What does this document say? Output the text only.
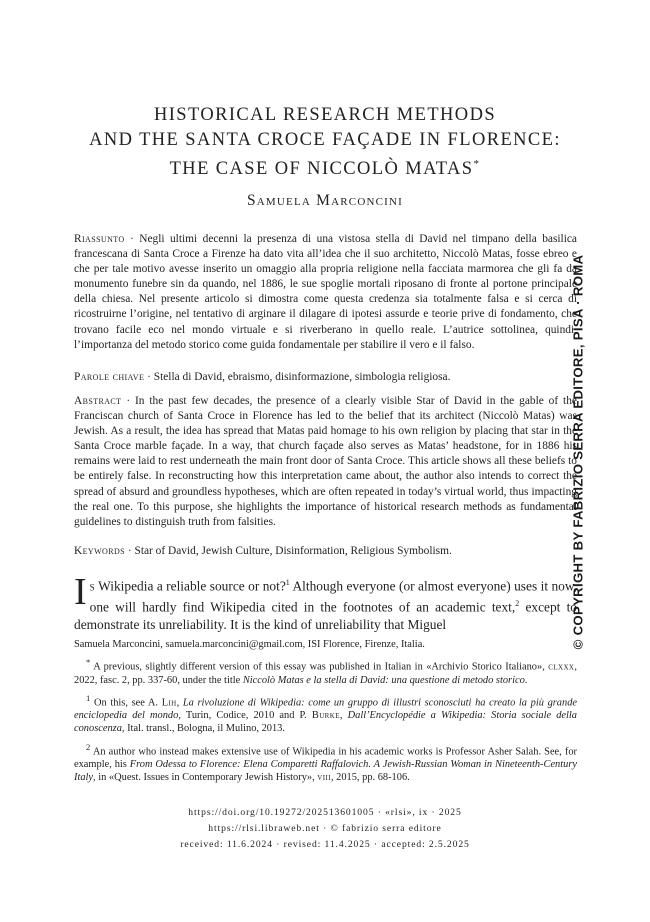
HISTORICAL RESEARCH METHODS
AND THE SANTA CROCE FAÇADE IN FLORENCE:
THE CASE OF NICCOLÒ MATAS*
Samuela Marconcini
Riassunto · Negli ultimi decenni la presenza di una vistosa stella di David nel timpano della basilica francescana di Santa Croce a Firenze ha dato vita all’idea che il suo architetto, Niccolò Matas, fosse ebreo e che per tale motivo avesse inserito un omaggio alla propria religione nella facciata marmorea che gli fa da monumento funebre sin da quando, nel 1886, le sue spoglie mortali riposano di fronte al portone principale della chiesa. Nel presente articolo si dimostra come questa credenza sia totalmente falsa e si cerca di ricostruirne l’origine, nel tentativo di arginare il dilagare di ipotesi assurde e teorie prive di fondamento, che trovano facile eco nel mondo virtuale e si riverberano in quello reale. L’autrice sottolinea, quindi, l’importanza del metodo storico come guida fondamentale per stabilire il vero e il falso.
Parole chiave · Stella di David, ebraismo, disinformazione, simbologia religiosa.
Abstract · In the past few decades, the presence of a clearly visible Star of David in the gable of the Franciscan church of Santa Croce in Florence has led to the belief that its architect (Niccolò Matas) was Jewish. As a result, the idea has spread that Matas paid homage to his own religion by placing that star in the Santa Croce marble façade. In a way, that church façade also serves as Matas’ headstone, for in 1886 his remains were laid to rest underneath the main front door of Santa Croce. This article shows all these beliefs to be entirely false. In reconstructing how this interpretation came about, the author also intends to correct the spread of absurd and groundless hypotheses, which are often repeated in today’s virtual world, thus impacting the real one. To this purpose, she highlights the importance of historical research methods as fundamental guidelines to distinguish truth from falsities.
Keywords · Star of David, Jewish Culture, Disinformation, Religious Symbolism.
Is Wikipedia a reliable source or not?$^1$ Although everyone (or almost everyone) uses it now, one will hardly find Wikipedia cited in the footnotes of an academic text,$^2$ except to demonstrate its unreliability. It is the kind of unreliability that Miguel

Samuela Marconcini, samuela.marconcini@gmail.com, ISI Florence, Firenze, Italia.

* A previous, slightly different version of this essay was published in Italian in «Archivio Storico Italiano», clxxx, 2022, fasc. 2, pp. 337-60, under the title Niccolò Matas e la stella di David: una questione di metodo storico.

$^1$ On this, see A. Lih, La rivoluzione di Wikipedia: come un gruppo di illustri sconosciuti ha creato la più grande enciclopedia del mondo, Turin, Codice, 2010 and P. Burke, Dall’Encyclopédie a Wikipedia: Storia sociale della conoscenza, Ital. transl., Bologna, il Mulino, 2013.

$^2$ An author who instead makes extensive use of Wikipedia in his academic works is Professor Asher Salah. See, for example, his From Odessa to Florence: Elena Comparetti Raffalovich. A Jewish-Russian Woman in Nineteenth-Century Italy, in «Quest. Issues in Contemporary Jewish History», viii, 2015, pp. 68-106.

https://doi.org/10.19272/202513601005 · «rlsi», ix · 2025
https://rlsi.libraweb.net · © fabrizio serra editore
received: 11.6.2024 · revised: 11.4.2025 · accepted: 2.5.2025
© COPYRIGHT BY FABRIZIO SERRA EDITORE, PISA · ROMA
